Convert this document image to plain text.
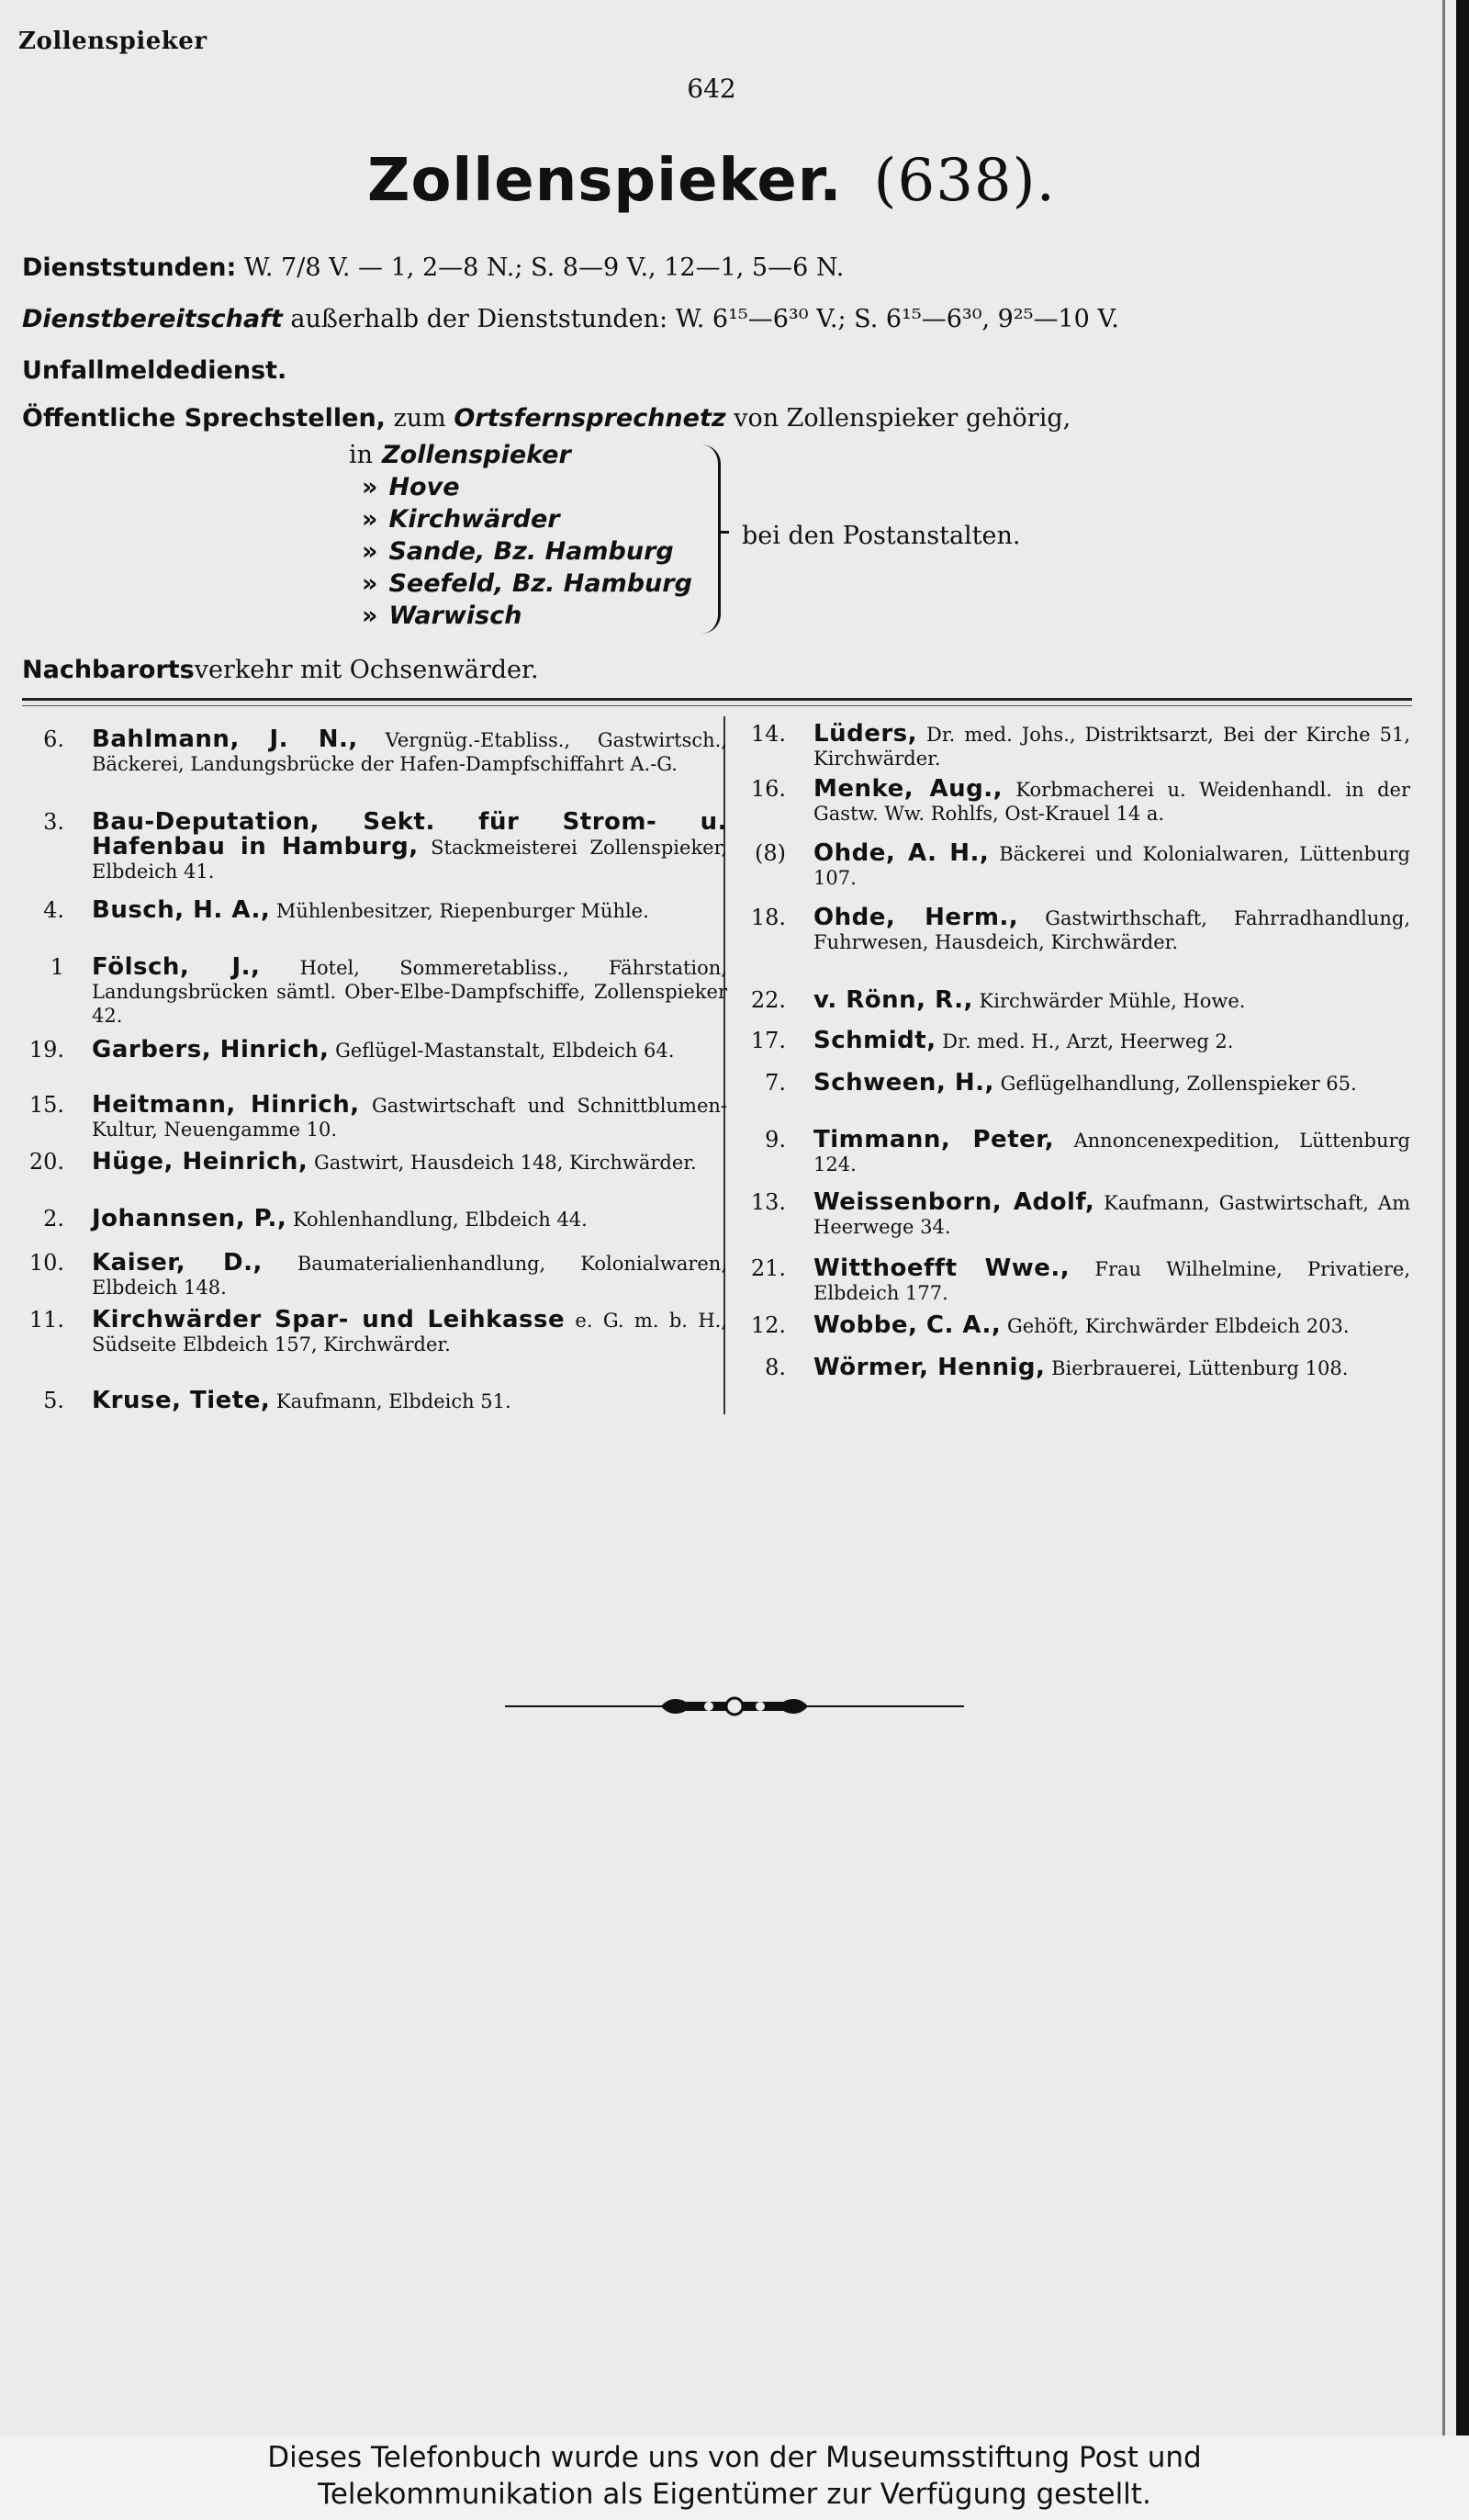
Zollenspieker
642
Zollenspieker. (638).
Dienststunden: W. 7/8 V. — 1, 2—8 N.; S. 8—9 V., 12—1, 5—6 N.
Dienstbereitschaft außerhalb der Dienststunden: W. 6¹⁵—6³⁰ V.; S. 6¹⁵—6³⁰, 9²⁵—10 V.
Unfallmeldedienst.
Öffentliche Sprechstellen, zum Ortsfernsprechnetz von Zollenspieker gehörig,
in Zollenspieker
» Hove
» Kirchwärder
» Sande, Bz. Hamburg
» Seefeld, Bz. Hamburg
» Warwisch
bei den Postanstalten.
Nachbarortsverkehr mit Ochsenwärder.
6. Bahlmann, J. N., Vergnüg.-Etabliss., Gastwirtsch., Bäckerei, Landungsbrücke der Hafen-Dampfschiffahrt A.-G.
3. Bau-Deputation, Sekt. für Strom- u. Hafenbau in Hamburg, Stackmeisterei Zollenspieker, Elbdeich 41.
4. Busch, H. A., Mühlenbesitzer, Riepenburger Mühle.
1 Fölsch, J., Hotel, Sommeretabliss., Fährstation, Landungsbrücken sämtl. Ober-Elbe-Dampfschiffe, Zollenspieker 42.
19. Garbers, Hinrich, Geflügel-Mastanstalt, Elbdeich 64.
15. Heitmann, Hinrich, Gastwirtschaft und Schnittblumen-Kultur, Neuengamme 10.
20. Hüge, Heinrich, Gastwirt, Hausdeich 148, Kirchwärder.
2. Johannsen, P., Kohlenhandlung, Elbdeich 44.
10. Kaiser, D., Baumaterialienhandlung, Kolonialwaren, Elbdeich 148.
11. Kirchwärder Spar- und Leihkasse e. G. m. b. H., Südseite Elbdeich 157, Kirchwärder.
5. Kruse, Tiete, Kaufmann, Elbdeich 51.
14. Lüders, Dr. med. Johs., Distriktsarzt, Bei der Kirche 51, Kirchwärder.
16. Menke, Aug., Korbmacherei u. Weidenhandl. in der Gastw. Ww. Rohlfs, Ost-Krauel 14 a.
(8) Ohde, A. H., Bäckerei und Kolonialwaren, Lüttenburg 107.
18. Ohde, Herm., Gastwirthschaft, Fahrradhandlung, Fuhrwesen, Hausdeich, Kirchwärder.
22. v. Rönn, R., Kirchwärder Mühle, Howe.
17. Schmidt, Dr. med. H., Arzt, Heerweg 2.
7. Schween, H., Geflügelhandlung, Zollenspieker 65.
9. Timmann, Peter, Annoncenexpedition, Lüttenburg 124.
13. Weissenborn, Adolf, Kaufmann, Gastwirtschaft, Am Heerwege 34.
21. Witthoefft Wwe., Frau Wilhelmine, Privatiere, Elbdeich 177.
12. Wobbe, C. A., Gehöft, Kirchwärder Elbdeich 203.
8. Wörmer, Hennig, Bierbrauerei, Lüttenburg 108.
Dieses Telefonbuch wurde uns von der Museumsstiftung Post und
Telekommunikation als Eigentümer zur Verfügung gestellt.
